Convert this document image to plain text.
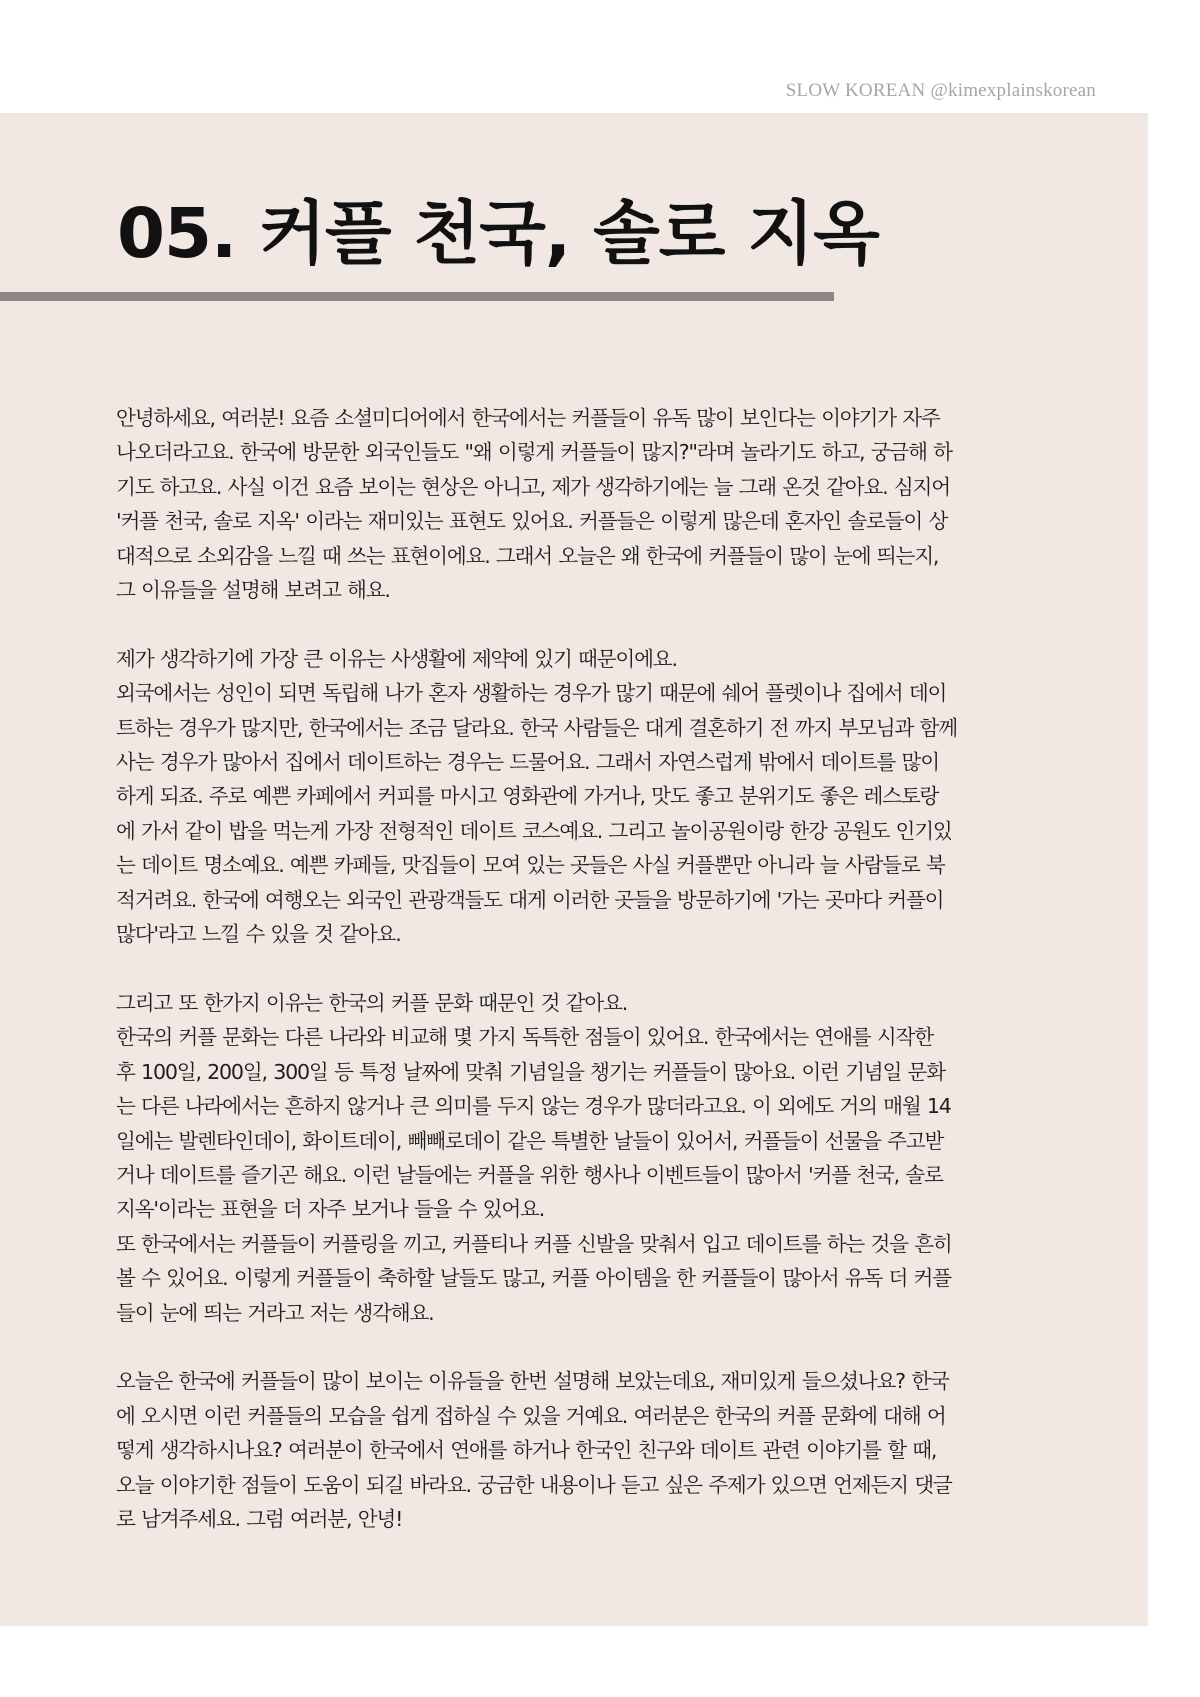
SLOW KOREAN @kimexplainskorean
05. 커플 천국, 솔로 지옥

안녕하세요, 여러분! 요즘 소셜미디어에서 한국에서는 커플들이 유독 많이 보인다는 이야기가 자주
나오더라고요. 한국에 방문한 외국인들도 "왜 이렇게 커플들이 많지?"라며 놀라기도 하고, 궁금해 하
기도 하고요. 사실 이건 요즘 보이는 현상은 아니고, 제가 생각하기에는 늘 그래 온것 같아요. 심지어
'커플 천국, 솔로 지옥' 이라는 재미있는 표현도 있어요. 커플들은 이렇게 많은데 혼자인 솔로들이 상
대적으로 소외감을 느낄 때 쓰는 표현이에요. 그래서 오늘은 왜 한국에 커플들이 많이 눈에 띄는지,
그 이유들을 설명해 보려고 해요.

제가 생각하기에 가장 큰 이유는 사생활에 제약에 있기 때문이에요.
외국에서는 성인이 되면 독립해 나가 혼자 생활하는 경우가 많기 때문에 쉐어 플렛이나 집에서 데이
트하는 경우가 많지만, 한국에서는 조금 달라요. 한국 사람들은 대게 결혼하기 전 까지 부모님과 함께
사는 경우가 많아서 집에서 데이트하는 경우는 드물어요. 그래서 자연스럽게 밖에서 데이트를 많이
하게 되죠. 주로 예쁜 카페에서 커피를 마시고 영화관에 가거나, 맛도 좋고 분위기도 좋은 레스토랑
에 가서 같이 밥을 먹는게 가장 전형적인 데이트 코스예요. 그리고 놀이공원이랑 한강 공원도 인기있
는 데이트 명소예요. 예쁜 카페들, 맛집들이 모여 있는 곳들은 사실 커플뿐만 아니라 늘 사람들로 북
적거려요. 한국에 여행오는 외국인 관광객들도 대게 이러한 곳들을 방문하기에 '가는 곳마다 커플이
많다'라고 느낄 수 있을 것 같아요.

그리고 또 한가지 이유는 한국의 커플 문화 때문인 것 같아요.
한국의 커플 문화는 다른 나라와 비교해 몇 가지 독특한 점들이 있어요. 한국에서는 연애를 시작한
후 100일, 200일, 300일 등 특정 날짜에 맞춰 기념일을 챙기는 커플들이 많아요. 이런 기념일 문화
는 다른 나라에서는 흔하지 않거나 큰 의미를 두지 않는 경우가 많더라고요. 이 외에도 거의 매월 14
일에는 발렌타인데이, 화이트데이, 빼빼로데이 같은 특별한 날들이 있어서, 커플들이 선물을 주고받
거나 데이트를 즐기곤 해요. 이런 날들에는 커플을 위한 행사나 이벤트들이 많아서 '커플 천국, 솔로
지옥'이라는 표현을 더 자주 보거나 들을 수 있어요.
또 한국에서는 커플들이 커플링을 끼고, 커플티나 커플 신발을 맞춰서 입고 데이트를 하는 것을 흔히
볼 수 있어요. 이렇게 커플들이 축하할 날들도 많고, 커플 아이템을 한 커플들이 많아서 유독 더 커플
들이 눈에 띄는 거라고 저는 생각해요.

오늘은 한국에 커플들이 많이 보이는 이유들을 한번 설명해 보았는데요, 재미있게 들으셨나요? 한국
에 오시면 이런 커플들의 모습을 쉽게 접하실 수 있을 거예요. 여러분은 한국의 커플 문화에 대해 어
떻게 생각하시나요? 여러분이 한국에서 연애를 하거나 한국인 친구와 데이트 관련 이야기를 할 때,
오늘 이야기한 점들이 도움이 되길 바라요. 궁금한 내용이나 듣고 싶은 주제가 있으면 언제든지 댓글
로 남겨주세요. 그럼 여러분, 안녕!
